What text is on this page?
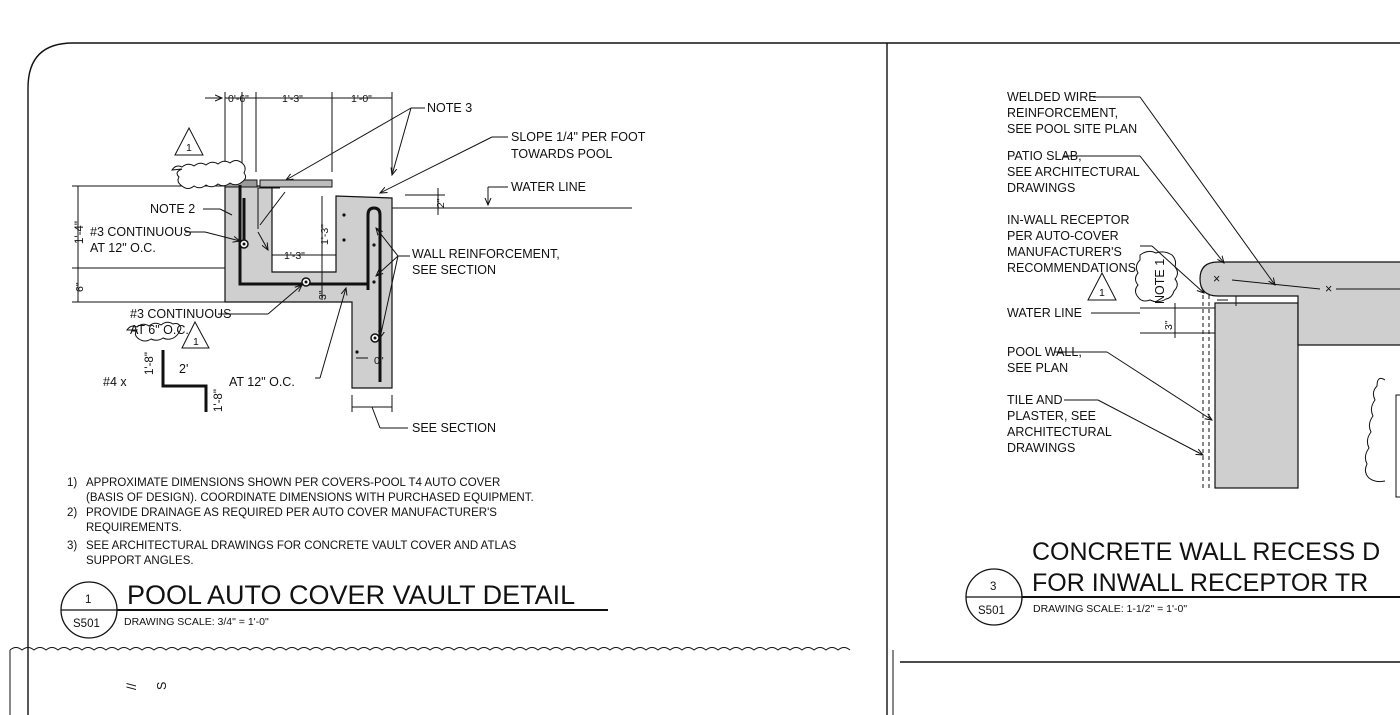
0'-6"	1'-3"	1'-0"
NOTE 3
SLOPE 1/4" PER FOOT
TOWARDS POOL
WATER LINE
2"
NOTE 2
1'-4" #3 CONTINUOUS
AT 12" O.C.
1'-3"
1'-3"	WALL REINFORCEMENT,
SEE SECTION
6"
3"
#3 CONTINUOUS
AT 6" O.C.
1
1
1'-8" 2'
#4 x	AT 12" O.C.
1'-8"
0"
SEE SECTION
1) APPROXIMATE DIMENSIONS SHOWN PER COVERS-POOL T4 AUTO COVER
(BASIS OF DESIGN). COORDINATE DIMENSIONS WITH PURCHASED EQUIPMENT.
2) PROVIDE DRAINAGE AS REQUIRED PER AUTO COVER MANUFACTURER'S
REQUIREMENTS.
3) SEE ARCHITECTURAL DRAWINGS FOR CONCRETE VAULT COVER AND ATLAS
SUPPORT ANGLES.
1
S501
POOL AUTO COVER VAULT DETAIL
DRAWING SCALE: 3/4" = 1'-0"
×
×
WELDED WIRE
REINFORCEMENT,
SEE POOL SITE PLAN
PATIO SLAB,
SEE ARCHITECTURAL
DRAWINGS
IN-WALL RECEPTOR
PER AUTO-COVER
MANUFACTURER'S
RECOMMENDATIONS NOTE 1
1
WATER LINE
3"
POOL WALL,
SEE PLAN
TILE AND
PLASTER, SEE
ARCHITECTURAL
DRAWINGS
3
S501
CONCRETE WALL RECESS D
FOR INWALL RECEPTOR TR
DRAWING SCALE: 1-1/2" = 1'-0"
// S
